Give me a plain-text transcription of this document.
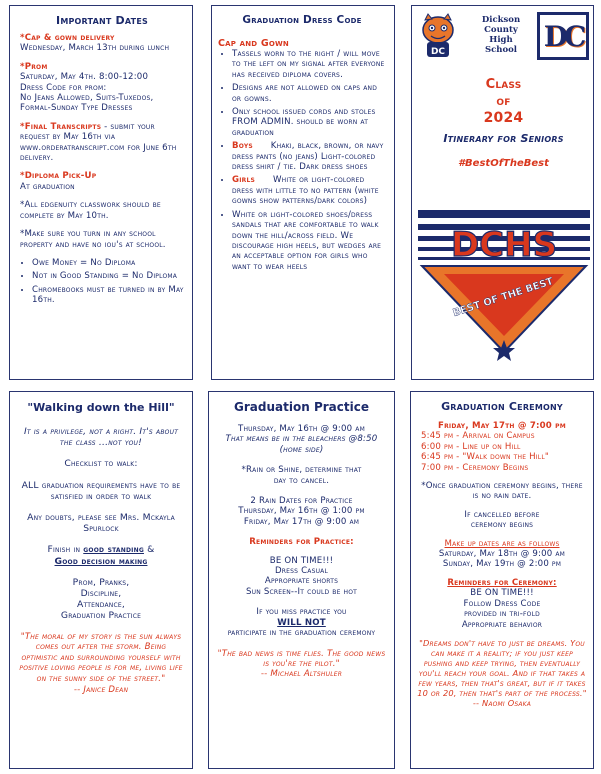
Important Dates

*Cap & gown delivery

Wednesday, March 13th during lunch

*Prom

Saturday, May 4th. 8:00-12:00

Dress Code for prom:

No Jeans Allowed, Suits-Tuxedos, Formal-Sunday Type Dresses

*Final Transcripts - submit your request by May 16th via www.orderatranscript.com for June 6th delivery.

*Diploma Pick-Up

At graduation

*All edgenuity classwork should be complete by May 10th.

*Make sure you turn in any school property and have no iou's at school.

• Owe Money = No Diploma
• Not in Good Standing = No Diploma
• Chromebooks must be turned in by May 16th.

Graduation Dress Code

Cap and Gown

• Tassels worn to the right / will move to the left on my signal after everyone has received diploma covers.
• Designs are not allowed on caps and or gowns.
• Only school issued cords and stoles FROM ADMIN. should be worn at graduation
• Boys Khaki, black, brown, or navy dress pants (no jeans) Light-colored dress shirt / tie. Dark dress shoes
• Girls White or light-colored dress with little to no pattern (white gowns show patterns/dark colors)
• White or light-colored shoes/dress sandals that are comfortable to walk down the hill/across field. We discourage high heels, but wedges are an acceptable option for girls who want to wear heels
DC

Dickson

County

High

School DC

Class

of

2024

Itinerary for Seniors

#BestOfTheBest

DCHS
BEST OF THE BEST

"Walking down the Hill"

It is a privilege, not a right. It's about the class ...not you!

Checklist to walk:

ALL graduation requirements have to be satisfied in order to walk

Any doubts, please see Mrs. Mckayla Spurlock

Finish in good standing &

Good decision making

Prom, Pranks,

Discipline,

Attendance,

Graduation Practice

"The moral of my story is the sun always comes out after the storm. Being optimistic and surrounding yourself with positive loving people is for me, living life on the sunny side of the street."

-- Janice Dean

Graduation Practice

Thursday, May 16th @ 9:00 am

That means be in the bleachers @8:50 (home side)

*Rain or Shine, determine that day to cancel.

2 Rain Dates for Practice

Thursday, May 16th @ 1:00 pm

Friday, May 17th @ 9:00 am

Reminders for Practice:

BE ON TIME!!!

Dress Casual

Appropriate shorts

Sun Screen--It could be hot

If you miss practice you

WILL NOT

participate in the graduation ceremony

"The bad news is time flies. The good news is you're the pilot."

-- Michael Altshuler

Graduation Ceremony

Friday, May 17th @ 7:00 pm

5:45 pm - Arrival on Campus

6:00 pm - Line up on Hill

6:45 pm - "Walk down the Hill"

7:00 pm - Ceremony Begins

*Once graduation ceremony begins, there is no rain date.

If cancelled before ceremony begins

Make up dates are as follows

Saturday, May 18th @ 9:00 am

Sunday, May 19th @ 2:00 pm

Reminders for Ceremony:

BE ON TIME!!!

Follow Dress Code

provided in tri-fold

Appropriate behavior

"Dreams don't have to just be dreams. You can make it a reality; if you just keep pushing and keep trying, then eventually you'll reach your goal. And if that takes a few years, then that's great, but if it takes 10 or 20, then that's part of the process."

-- Naomi Osaka
